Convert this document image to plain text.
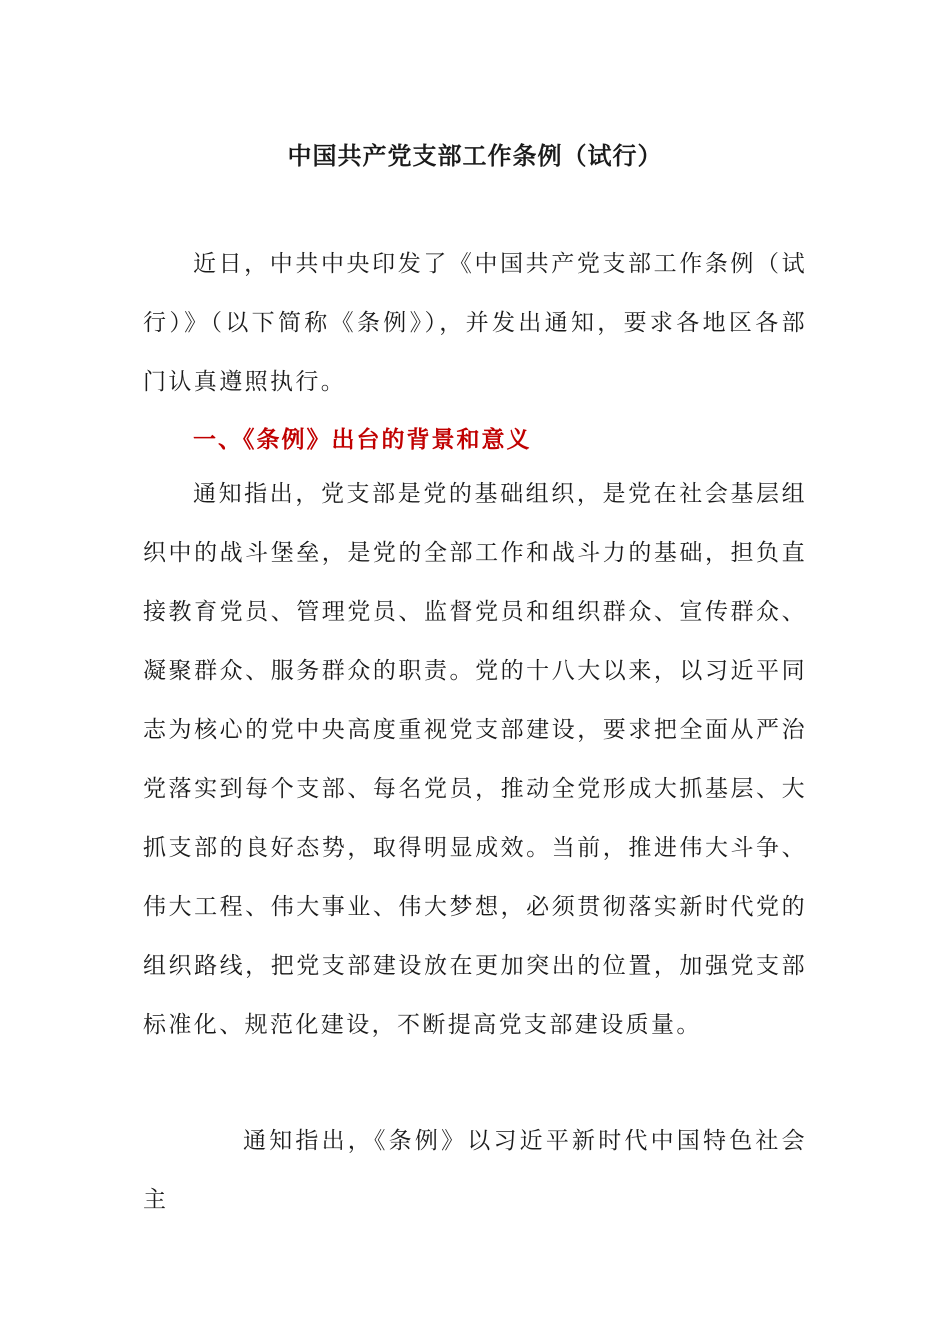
中国共产党支部工作条例（试行）
近日，中共中央印发了《中国共产党支部工作条例（试行）》（以下简称《条例》），并发出通知，要求各地区各部门认真遵照执行。
一、《条例》出台的背景和意义
通知指出，党支部是党的基础组织，是党在社会基层组织中的战斗堡垒，是党的全部工作和战斗力的基础，担负直接教育党员、管理党员、监督党员和组织群众、宣传群众、凝聚群众、服务群众的职责。党的十八大以来，以习近平同志为核心的党中央高度重视党支部建设，要求把全面从严治党落实到每个支部、每名党员，推动全党形成大抓基层、大抓支部的良好态势，取得明显成效。当前，推进伟大斗争、伟大工程、伟大事业、伟大梦想，必须贯彻落实新时代党的组织路线，把党支部建设放在更加突出的位置，加强党支部标准化、规范化建设，不断提高党支部建设质量。
通知指出，《条例》以习近平新时代中国特色社会主
